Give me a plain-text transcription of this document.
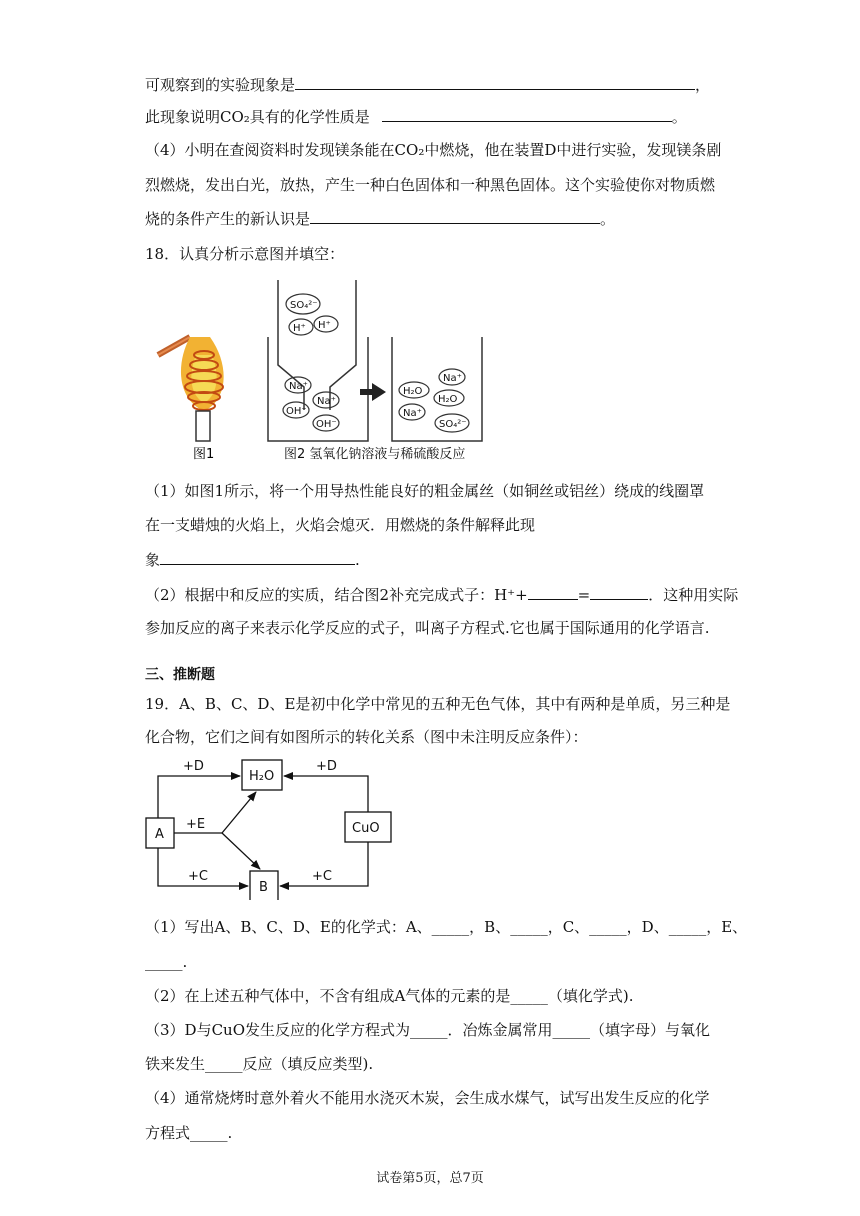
可观察到的实验现象是	，
此现象说明CO₂具有的化学性质是	。
（4）小明在查阅资料时发现镁条能在CO₂中燃烧，他在装置D中进行实验，发现镁条剧
烈燃烧，发出白光，放热，产生一种白色固体和一种黑色固体。这个实验使你对物质燃
烧的条件产生的新认识是	。
18．认真分析示意图并填空：
图1
SO₄²⁻
H⁺ H⁺
Na⁺
Na⁺
OH⁻
OH⁻
Na⁺
H₂O
H₂O
Na⁺
SO₄²⁻
图2 氢氧化钠溶液与稀硫酸反应
（1）如图1所示，将一个用导热性能良好的粗金属丝（如铜丝或铝丝）绕成的线圈罩
在一支蜡烛的火焰上，火焰会熄灭．用燃烧的条件解释此现
象	.
（2）根据中和反应的实质，结合图2补充完成式子：H⁺+	=	．这种用实际
参加反应的离子来表示化学反应的式子，叫离子方程式.它也属于国际通用的化学语言.
三、推断题
19．A、B、C、D、E是初中化学中常见的五种无色气体，其中有两种是单质，另三种是
化合物，它们之间有如图所示的转化关系（图中未注明反应条件）：
A
H₂O
CuO
B
+D	+D
+E
+C	+C
（1）写出A、B、C、D、E的化学式：A、_____，B、_____，C、_____，D、_____，E、
_____.
（2）在上述五种气体中，不含有组成A气体的元素的是_____（填化学式).
（3）D与CuO发生反应的化学方程式为_____．冶炼金属常用_____（填字母）与氧化
铁来发生_____反应（填反应类型).
（4）通常烧烤时意外着火不能用水浇灭木炭，会生成水煤气，试写出发生反应的化学
方程式_____.
试卷第5页，总7页
